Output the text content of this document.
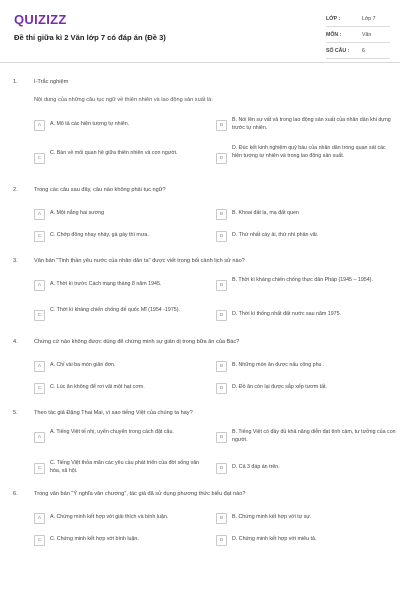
QUIZIZZ
Đề thi giữa kì 2 Văn lớp 7 có đáp án (Đề 3)
LỚP :	Lớp 7
MÔN :	Văn
SỐ CÂU :	6
1.	I-Trắc nghiệm
Nội dung của những câu tục ngữ về thiên nhiên và lao động sản xuất là:
A	A. Mô tả các hiện tượng tự nhiên.	B
B. Nói lên sự vất vả trong lao động sản xuất của nhân dân khi dựng trước tự nhiên.
C
C. Bàn về mối quan hệ giữa thiên nhiên và con người.
D
D. Đúc kết kinh nghiệm quý báu của nhân dân trong quan sát các hiện tượng tự nhiên và trong lao động sản xuất.
2.	Trong các câu sau đây, câu nào không phải tục ngữ?
A	A. Một nắng hai sương	B	B. Khoai đất lạ, mạ đất quen
C	C. Chớp đông nhay nháy, gà gáy thì mưa.	D	D. Thứ nhất cày ải, thứ nhì phân vãi.
3.	Văn bản "Tinh thần yêu nước của nhân dân ta" được viết trong bối cảnh lịch sử nào?
A	A. Thời kì trước Cách mạng tháng 8 năm 1945.	B
B. Thời kì kháng chiến chống thực dân Pháp (1945 – 1954).
C
C. Thời kì kháng chiến chống đế quốc Mĩ (1954 -1975).
D	D. Thời kì thống nhất đất nước sau năm 1975.
4.	Chứng cứ nào không được dùng để chứng minh sự giản dị trong bữa ăn của Bác?
A	A. Chỉ vài ba món giản đơn.	B	B. Những món ăn được nấu công phu .
C	C. Lúc ăn không để rơi vãi một hạt cơm.	D	D. Đồ ăn còn lại được sắp xếp tươm tất.
5.	Theo tác giả Đặng Thai Mai, vì sao tiếng Việt của chúng ta hay?
A
A. Tiếng Việt tế nhị, uyển chuyển trong cách đặt câu.
B
B. Tiếng Việt có đầy đủ khả năng diễn đạt tình cảm, tư tưởng của con người.
C
C. Tiếng Việt thỏa mãn các yêu cầu phát triển của đời sống văn hóa, xã hội.	D	D. Cả 3 đáp án trên.
6.	Trong văn bản "Ý nghĩa văn chương", tác giả đã sử dụng phương thức biểu đạt nào?
A	A. Chứng minh kết hợp với giải thích và bình luận.	B	B. Chứng minh kết hợp với tự sự.
C	C. Chứng minh kết hợp với bình luận.	D	D. Chứng minh kết hợp với miêu tả.
